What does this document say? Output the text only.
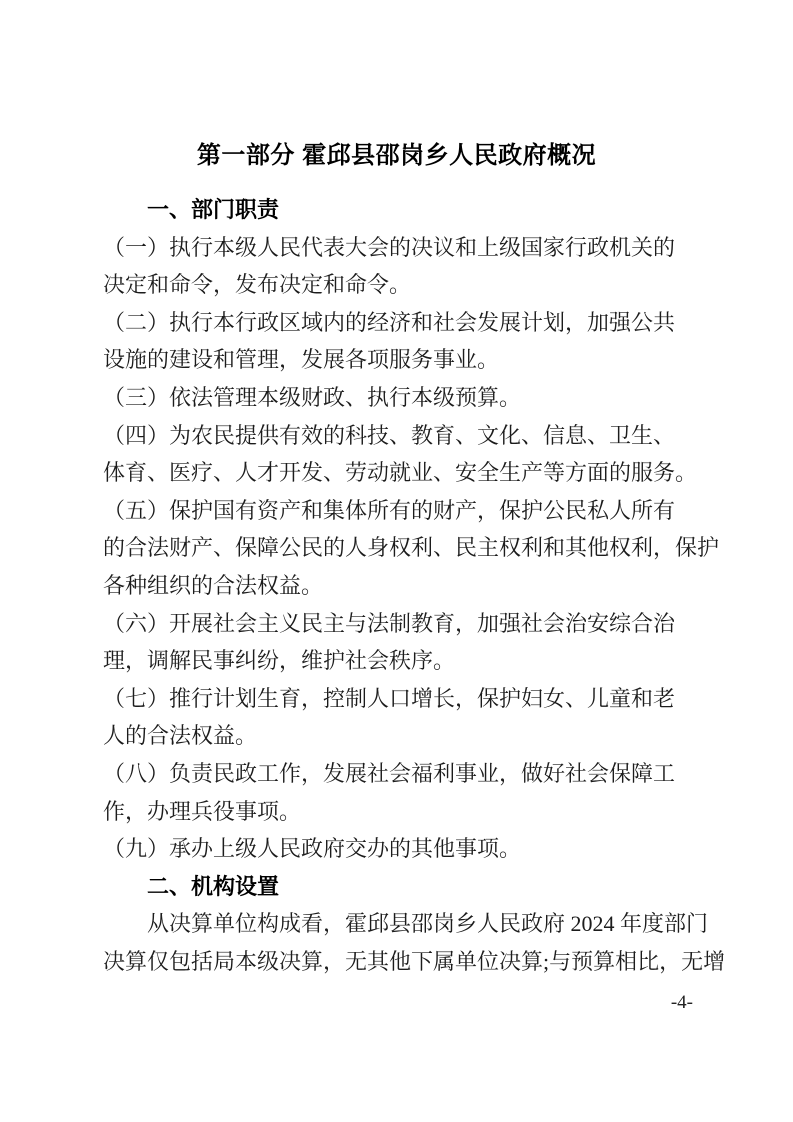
第一部分 霍邱县邵岗乡人民政府概况
一、部门职责
（一）执行本级人民代表大会的决议和上级国家行政机关的
决定和命令，发布决定和命令。
（二）执行本行政区域内的经济和社会发展计划，加强公共
设施的建设和管理，发展各项服务事业。
（三）依法管理本级财政、执行本级预算。
（四）为农民提供有效的科技、教育、文化、信息、卫生、
体育、医疗、人才开发、劳动就业、安全生产等方面的服务。
（五）保护国有资产和集体所有的财产，保护公民私人所有
的合法财产、保障公民的人身权利、民主权利和其他权利，保护
各种组织的合法权益。
（六）开展社会主义民主与法制教育，加强社会治安综合治
理，调解民事纠纷，维护社会秩序。
（七）推行计划生育，控制人口增长，保护妇女、儿童和老
人的合法权益。
（八）负责民政工作，发展社会福利事业，做好社会保障工
作，办理兵役事项。
（九）承办上级人民政府交办的其他事项。
二、机构设置
从决算单位构成看，霍邱县邵岗乡人民政府 2024 年度部门
决算仅包括局本级决算，无其他下属单位决算;与预算相比，无增
-4-
